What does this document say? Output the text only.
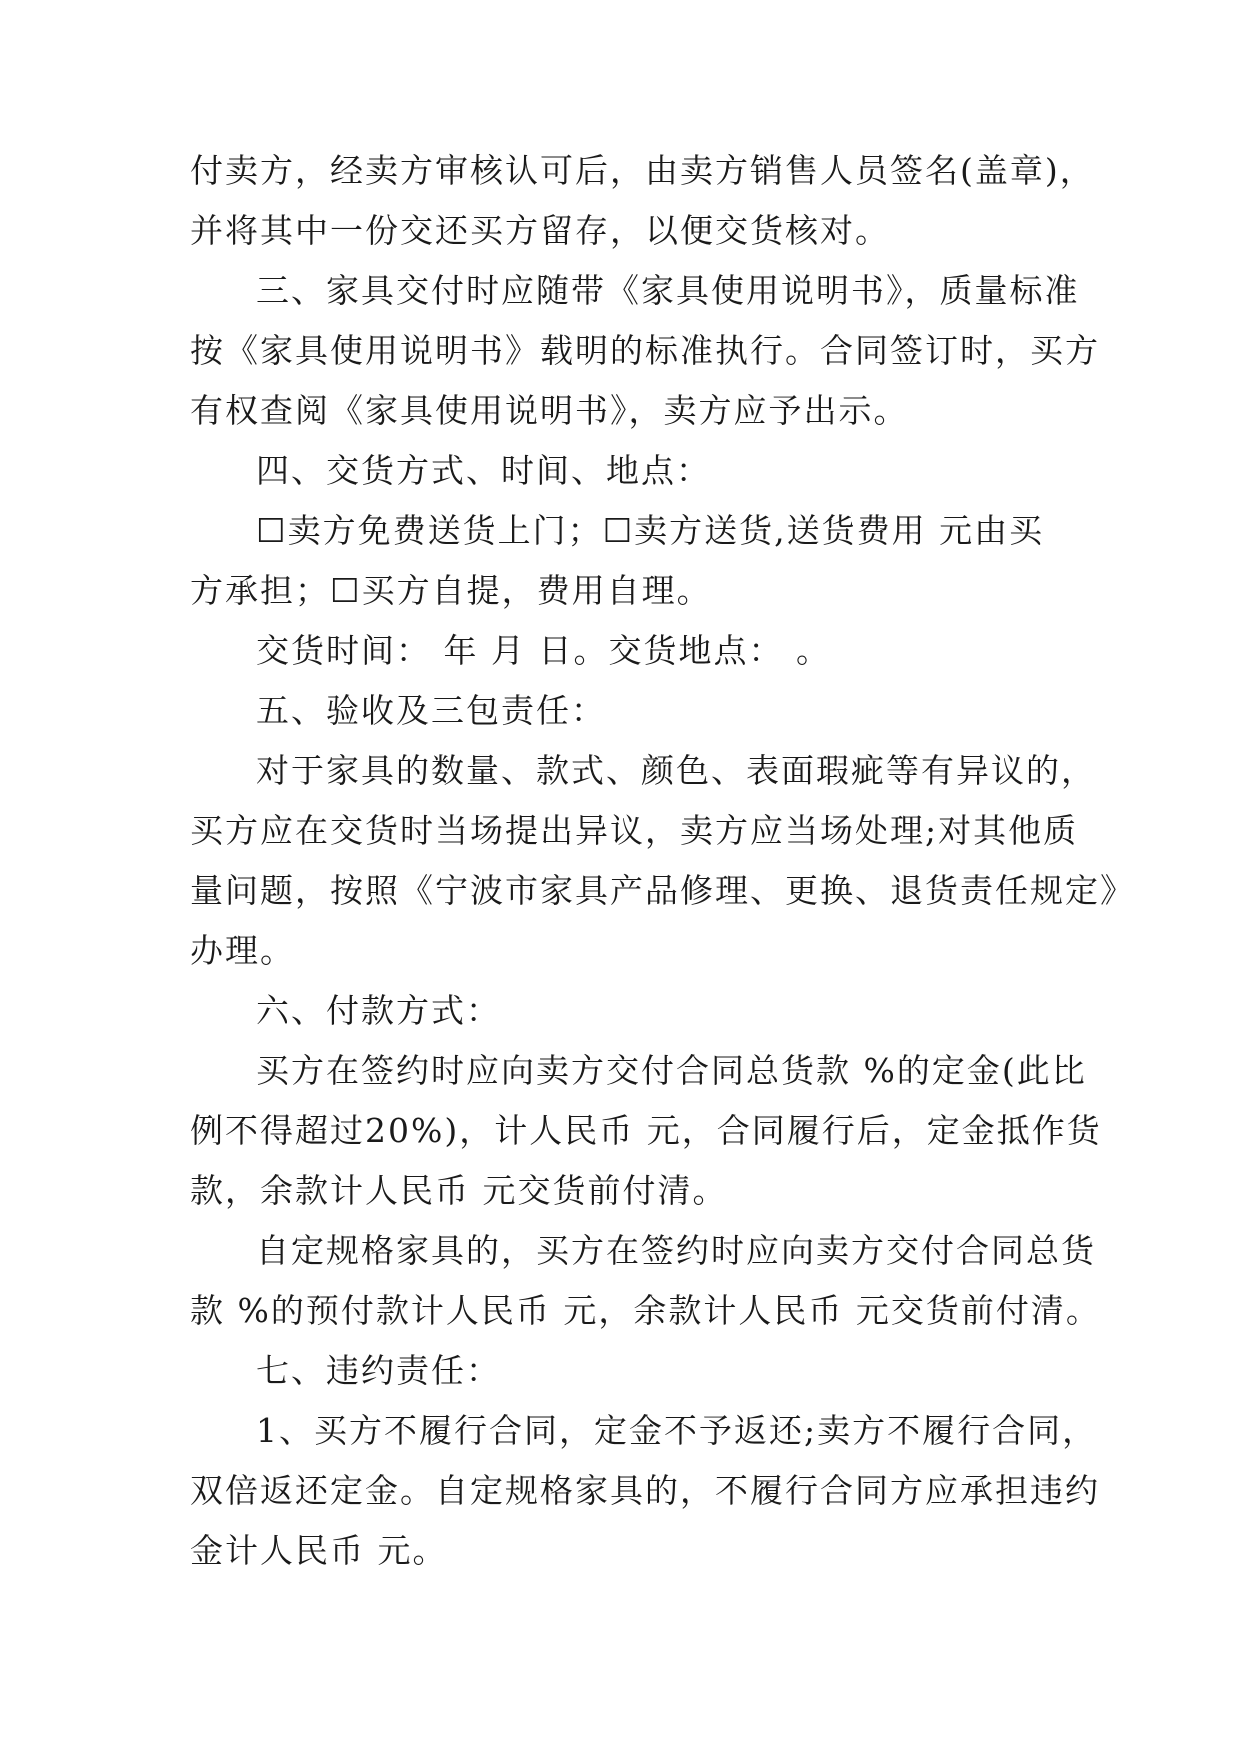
付卖方，经卖方审核认可后，由卖方销售人员签名(盖章)，
并将其中一份交还买方留存，以便交货核对。
三、家具交付时应随带《家具使用说明书》，质量标准
按《家具使用说明书》载明的标准执行。合同签订时，买方
有权查阅《家具使用说明书》，卖方应予出示。
四、交货方式、时间、地点：
☐卖方免费送货上门；☐卖方送货,送货费用 元由买
方承担；☐买方自提，费用自理。
交货时间： 年 月 日。交货地点： 。
五、验收及三包责任：
对于家具的数量、款式、颜色、表面瑕疵等有异议的，
买方应在交货时当场提出异议，卖方应当场处理;对其他质
量问题，按照《宁波市家具产品修理、更换、退货责任规定》
办理。
六、付款方式：
买方在签约时应向卖方交付合同总货款 %的定金(此比
例不得超过20%)，计人民币 元，合同履行后，定金抵作货
款，余款计人民币 元交货前付清。
自定规格家具的，买方在签约时应向卖方交付合同总货
款 %的预付款计人民币 元，余款计人民币 元交货前付清。
七、违约责任：
1、买方不履行合同，定金不予返还;卖方不履行合同，
双倍返还定金。自定规格家具的，不履行合同方应承担违约
金计人民币 元。
